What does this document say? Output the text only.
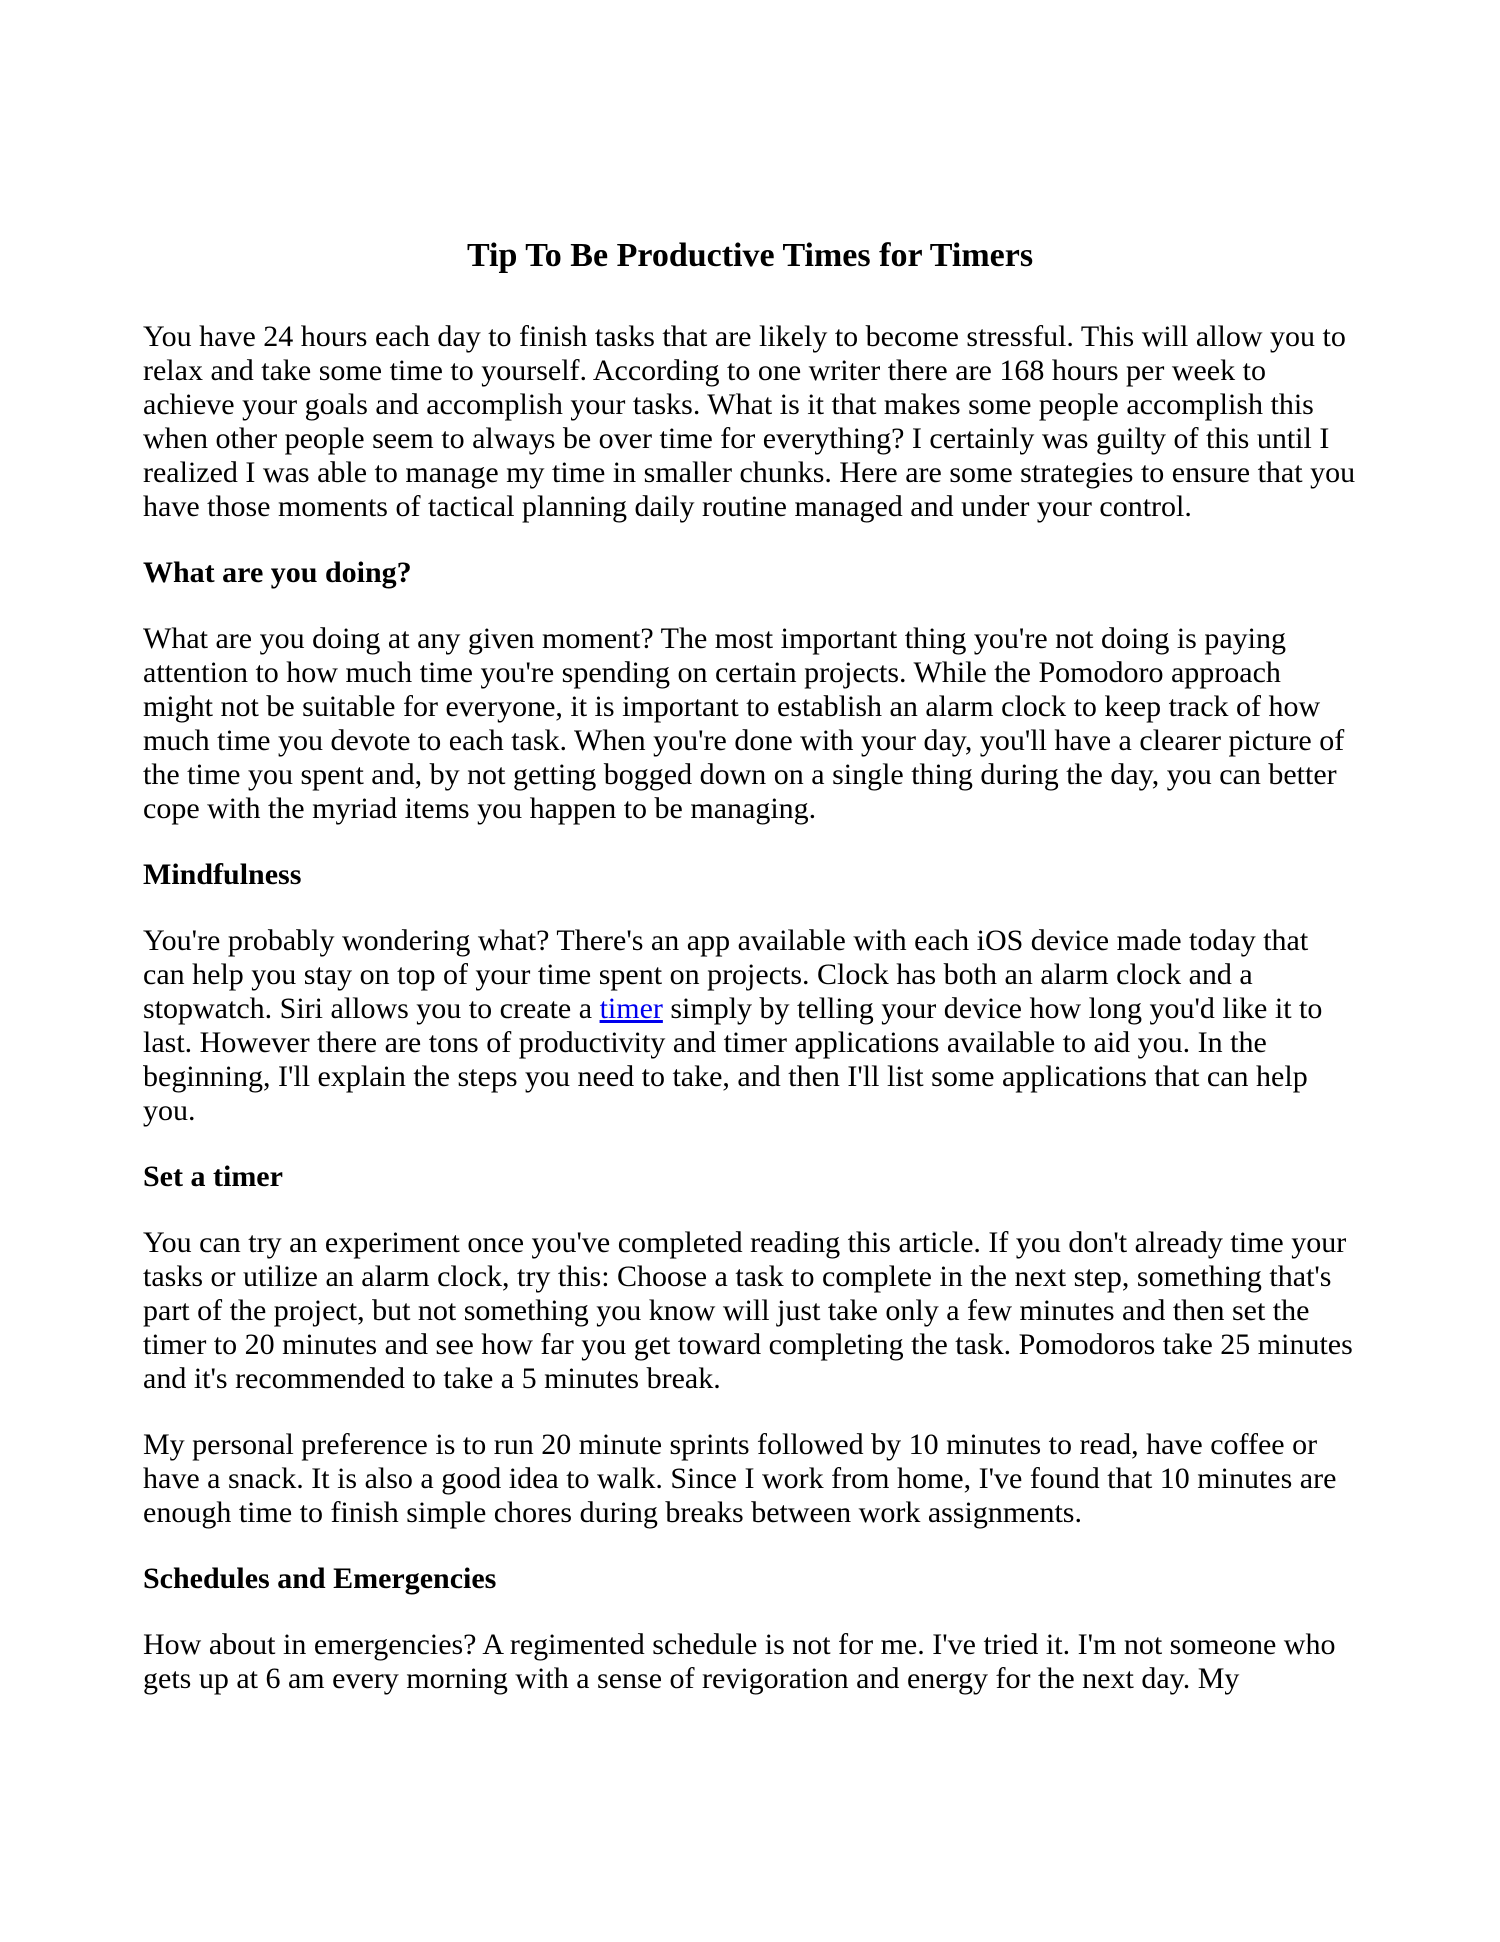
Tip To Be Productive Times for Timers

You have 24 hours each day to finish tasks that are likely to become stressful. This will allow you to relax and take some time to yourself. According to one writer there are 168 hours per week to achieve your goals and accomplish your tasks. What is it that makes some people accomplish this when other people seem to always be over time for everything? I certainly was guilty of this until I realized I was able to manage my time in smaller chunks. Here are some strategies to ensure that you have those moments of tactical planning daily routine managed and under your control.

What are you doing?

What are you doing at any given moment? The most important thing you're not doing is paying attention to how much time you're spending on certain projects. While the Pomodoro approach might not be suitable for everyone, it is important to establish an alarm clock to keep track of how much time you devote to each task. When you're done with your day, you'll have a clearer picture of the time you spent and, by not getting bogged down on a single thing during the day, you can better cope with the myriad items you happen to be managing.

Mindfulness

You're probably wondering what? There's an app available with each iOS device made today that can help you stay on top of your time spent on projects. Clock has both an alarm clock and a stopwatch. Siri allows you to create a timer simply by telling your device how long you'd like it to last. However there are tons of productivity and timer applications available to aid you. In the beginning, I'll explain the steps you need to take, and then I'll list some applications that can help you.

Set a timer

You can try an experiment once you've completed reading this article. If you don't already time your tasks or utilize an alarm clock, try this: Choose a task to complete in the next step, something that's part of the project, but not something you know will just take only a few minutes and then set the timer to 20 minutes and see how far you get toward completing the task. Pomodoros take 25 minutes and it's recommended to take a 5 minutes break.

My personal preference is to run 20 minute sprints followed by 10 minutes to read, have coffee or have a snack. It is also a good idea to walk. Since I work from home, I've found that 10 minutes are enough time to finish simple chores during breaks between work assignments.

Schedules and Emergencies

How about in emergencies? A regimented schedule is not for me. I've tried it. I'm not someone who gets up at 6 am every morning with a sense of revigoration and energy for the next day. My
